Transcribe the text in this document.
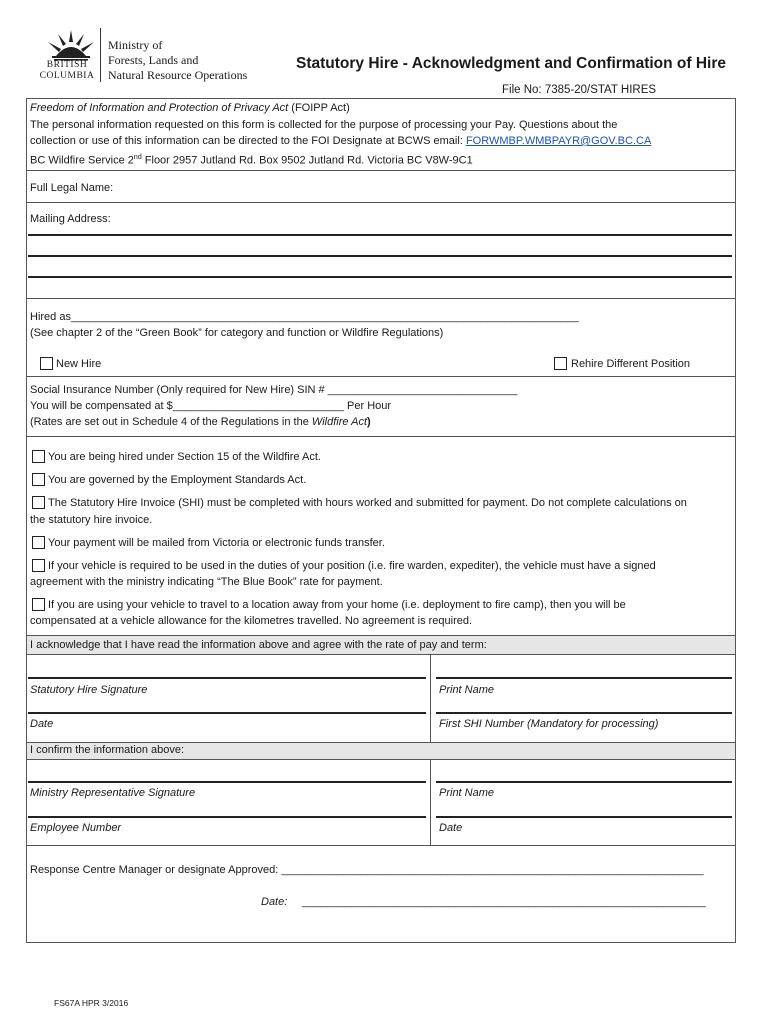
BRITISH
COLUMBIA
Ministry of
Forests, Lands and
Natural Resource Operations
Statutory Hire - Acknowledgment and Confirmation of Hire
File No: 7385-20/STAT HIRES
Freedom of Information and Protection of Privacy Act (FOIPP Act)
The personal information requested on this form is collected for the purpose of processing your Pay. Questions about the
collection or use of this information can be directed to the FOI Designate at BCWS email: FORWMBP.WMBPAYR@GOV.BC.CA
BC Wildfire Service 2nd Floor 2957 Jutland Rd. Box 9502 Jutland Rd. Victoria BC V8W-9C1
Full Legal Name:
Mailing Address:
Hired as___________________________________________________________________________________
(See chapter 2 of the “Green Book” for category and function or Wildfire Regulations)
New Hire	Rehire Different Position
Social Insurance Number (Only required for New Hire) SIN # _______________________________
You will be compensated at $____________________________ Per Hour
(Rates are set out in Schedule 4 of the Regulations in the Wildfire Act)
You are being hired under Section 15 of the Wildfire Act.
You are governed by the Employment Standards Act.
The Statutory Hire Invoice (SHI) must be completed with hours worked and submitted for payment. Do not complete calculations on
the statutory hire invoice.
Your payment will be mailed from Victoria or electronic funds transfer.
If your vehicle is required to be used in the duties of your position (i.e. fire warden, expediter), the vehicle must have a signed
agreement with the ministry indicating “The Blue Book” rate for payment.
If you are using your vehicle to travel to a location away from your home (i.e. deployment to fire camp), then you will be
compensated at a vehicle allowance for the kilometres travelled. No agreement is required.
I acknowledge that I have read the information above and agree with the rate of pay and term:
Statutory Hire Signature	Print Name
Date	First SHI Number (Mandatory for processing)
I confirm the information above:
Ministry Representative Signature	Print Name
Employee Number	Date
Response Centre Manager or designate Approved: _____________________________________________________________________
Date: __________________________________________________________________
FS67A HPR 3/2016
